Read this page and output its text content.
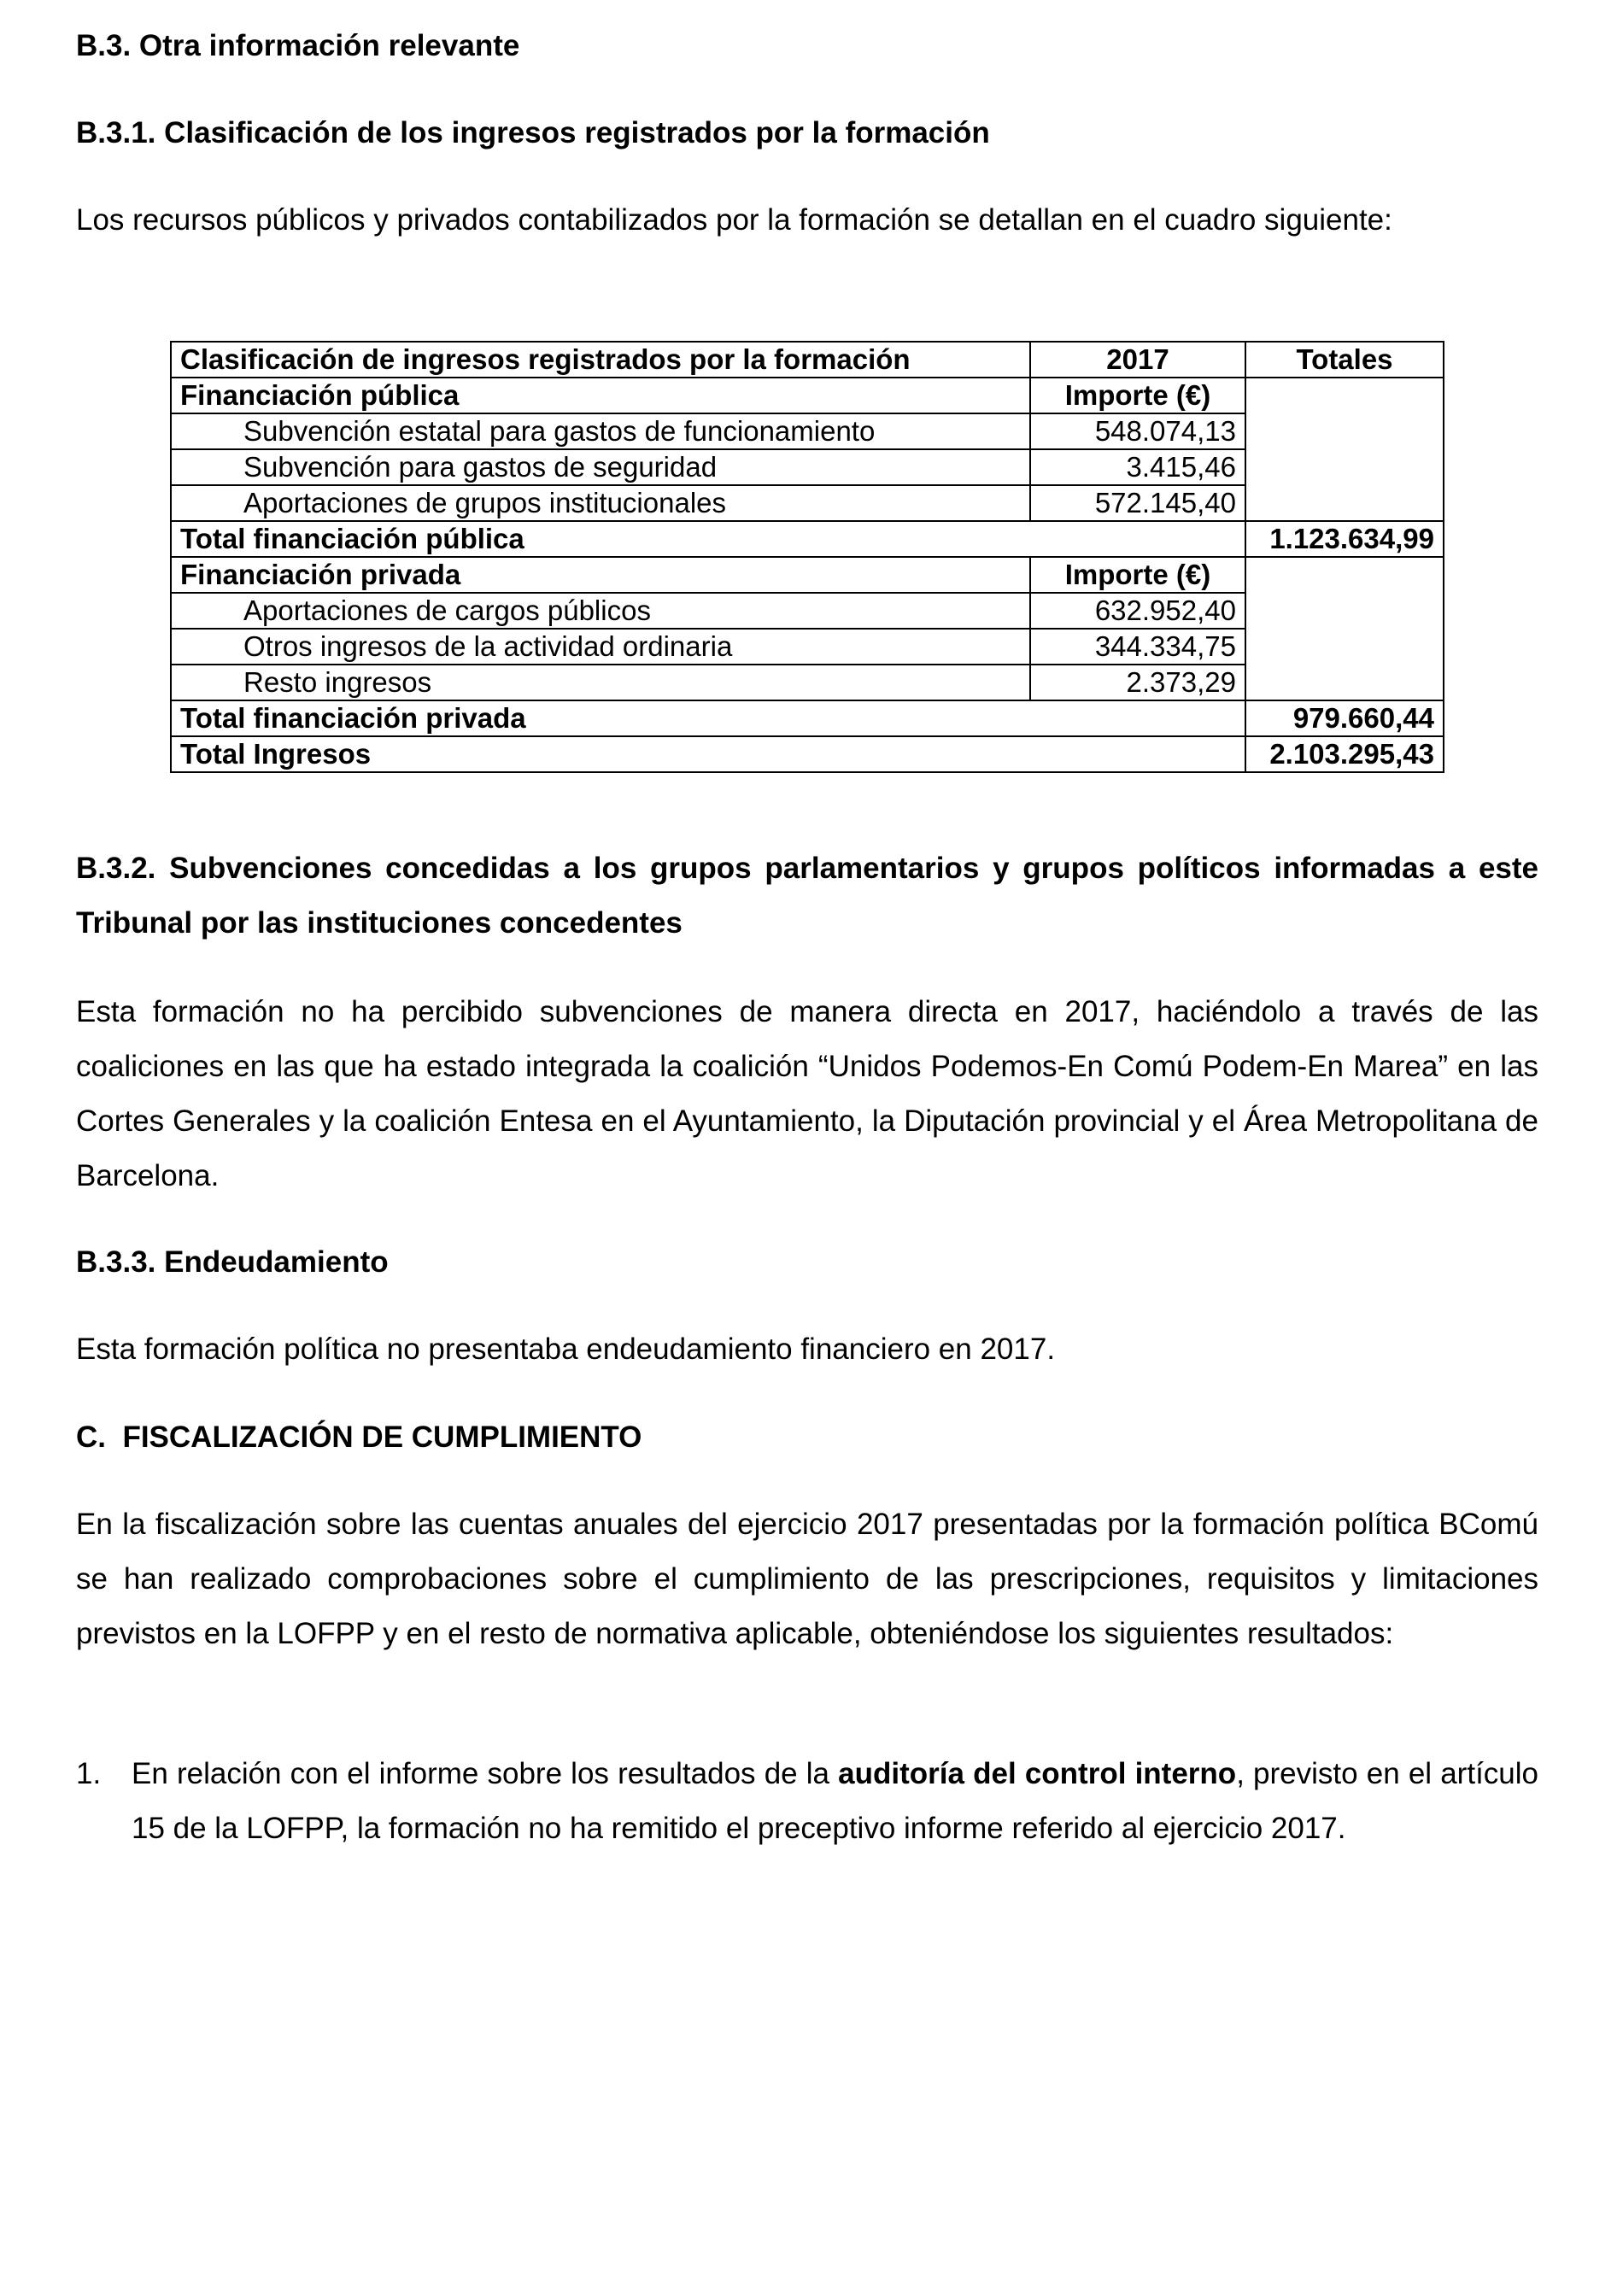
B.3. Otra información relevante
B.3.1. Clasificación de los ingresos registrados por la formación

Los recursos públicos y privados contabilizados por la formación se detallan en el cuadro siguiente:

Clasificación de ingresos registrados por la formación	2017	Totales
Financiación pública	Importe (€)	
Subvención estatal para gastos de funcionamiento	548.074,13	
Subvención para gastos de seguridad	3.415,46	
Aportaciones de grupos institucionales	572.145,40	
Total financiación pública		1.123.634,99
Financiación privada	Importe (€)	
Aportaciones de cargos públicos	632.952,40	
Otros ingresos de la actividad ordinaria	344.334,75	
Resto ingresos	2.373,29	
Total financiación privada		979.660,44
Total Ingresos		2.103.295,43
B.3.2. Subvenciones concedidas a los grupos parlamentarios y grupos políticos informadas a este Tribunal por las instituciones concedentes

Esta formación no ha percibido subvenciones de manera directa en 2017, haciéndolo a través de las coaliciones en las que ha estado integrada la coalición “Unidos Podemos-En Comú Podem-En Marea” en las Cortes Generales y la coalición Entesa en el Ayuntamiento, la Diputación provincial y el Área Metropolitana de Barcelona.

B.3.3. Endeudamiento

Esta formación política no presentaba endeudamiento financiero en 2017.

C.  FISCALIZACIÓN DE CUMPLIMIENTO

En la fiscalización sobre las cuentas anuales del ejercicio 2017 presentadas por la formación política BComú se han realizado comprobaciones sobre el cumplimiento de las prescripciones, requisitos y limitaciones previstos en la LOFPP y en el resto de normativa aplicable, obteniéndose los siguientes resultados:

1. En relación con el informe sobre los resultados de la auditoría del control interno, previsto en el artículo 15 de la LOFPP, la formación no ha remitido el preceptivo informe referido al ejercicio 2017.
